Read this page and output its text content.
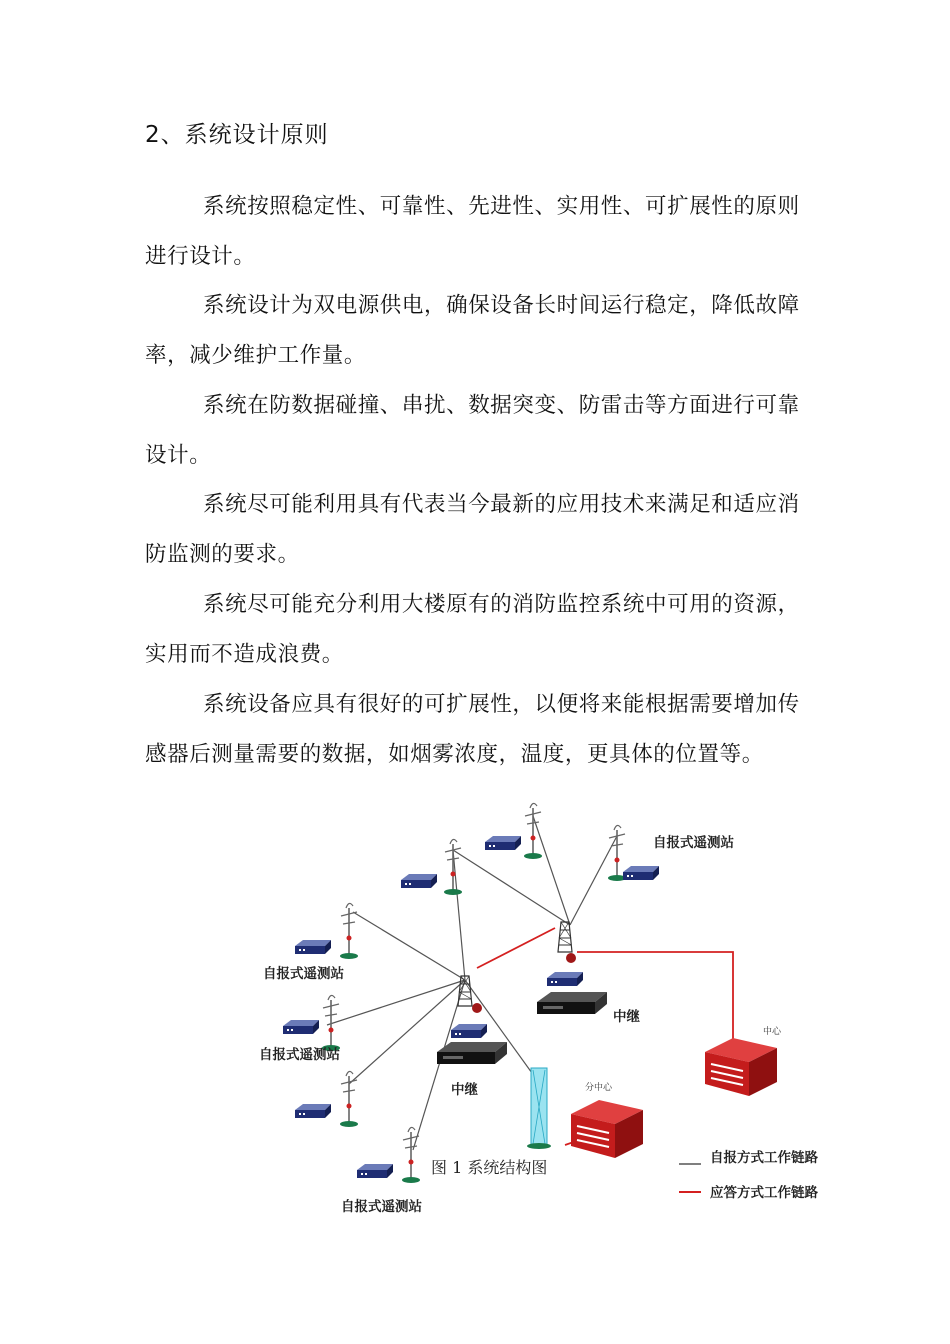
2、系统设计原则

系统按照稳定性、可靠性、先进性、实用性、可扩展性的原则进行设计。

系统设计为双电源供电，确保设备长时间运行稳定，降低故障率，减少维护工作量。

系统在防数据碰撞、串扰、数据突变、防雷击等方面进行可靠设计。

系统尽可能利用具有代表当今最新的应用技术来满足和适应消防监测的要求。

系统尽可能充分利用大楼原有的消防监控系统中可用的资源，实用而不造成浪费。

系统设备应具有很好的可扩展性，以便将来能根据需要增加传感器后测量需要的数据，如烟雾浓度，温度，更具体的位置等。

自报式遥测站
自报式遥测站
自报式遥测站
自报式遥测站
中继
中继
中心
分中心
图 1 系统结构图	自报方式工作链路
应答方式工作链路
